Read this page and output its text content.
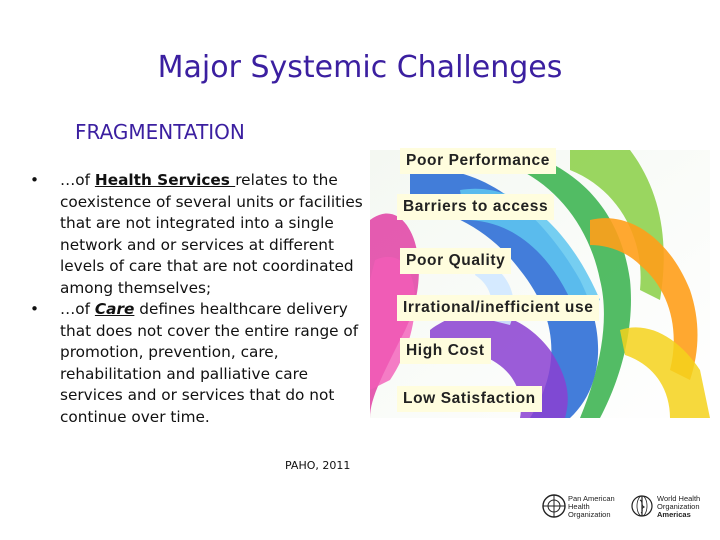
Major Systemic Challenges
FRAGMENTATION
• …of Health Services relates to the coexistence of several units or facilities that are not integrated into a single network and or services at different levels of care that are not coordinated among themselves;
• …of Care defines healthcare delivery that does not cover the entire range of promotion, prevention, care, rehabilitation and palliative care services and or services that do not continue over time.
PAHO, 2011
Poor Performance
Barriers to access
Poor Quality
Irrational/inefficient use
High Cost
Low Satisfaction
Pan American
Health
Organization
World Health
Organization
Americas
